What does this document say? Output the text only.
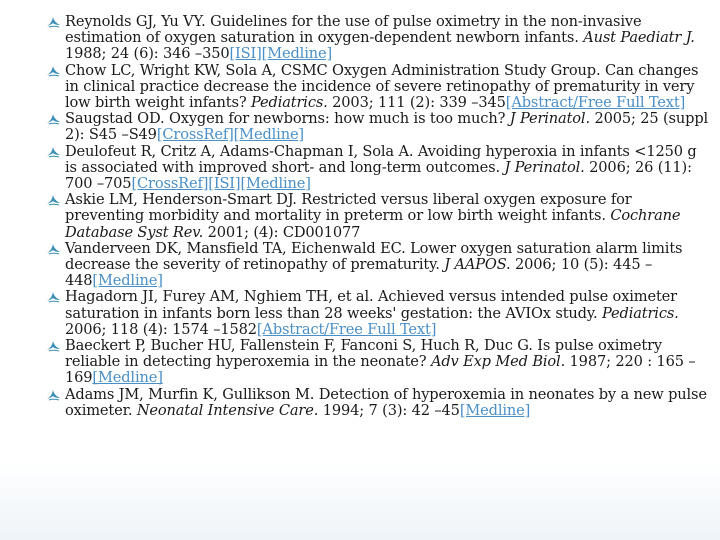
Reynolds GJ, Yu VY. Guidelines for the use of pulse oximetry in the non-invasive estimation of oxygen saturation in oxygen-dependent newborn infants. Aust Paediatr J. 1988; 24 (6): 346 –350[ISI][Medline]
Chow LC, Wright KW, Sola A, CSMC Oxygen Administration Study Group. Can changes in clinical practice decrease the incidence of severe retinopathy of prematurity in very low birth weight infants? Pediatrics. 2003; 111 (2): 339 –345[Abstract/Free Full Text]
Saugstad OD. Oxygen for newborns: how much is too much? J Perinatol. 2005; 25 (suppl 2): S45 –S49[CrossRef][Medline]
Deulofeut R, Critz A, Adams-Chapman I, Sola A. Avoiding hyperoxia in infants <1250 g is associated with improved short- and long-term outcomes. J Perinatol. 2006; 26 (11): 700 –705[CrossRef][ISI][Medline]
Askie LM, Henderson-Smart DJ. Restricted versus liberal oxygen exposure for preventing morbidity and mortality in preterm or low birth weight infants. Cochrane Database Syst Rev. 2001; (4): CD001077
Vanderveen DK, Mansfield TA, Eichenwald EC. Lower oxygen saturation alarm limits decrease the severity of retinopathy of prematurity. J AAPOS. 2006; 10 (5): 445 –448[Medline]
Hagadorn JI, Furey AM, Nghiem TH, et al. Achieved versus intended pulse oximeter saturation in infants born less than 28 weeks' gestation: the AVIOx study. Pediatrics. 2006; 118 (4): 1574 –1582[Abstract/Free Full Text]
Baeckert P, Bucher HU, Fallenstein F, Fanconi S, Huch R, Duc G. Is pulse oximetry reliable in detecting hyperoxemia in the neonate? Adv Exp Med Biol. 1987; 220 : 165 –169[Medline]
Adams JM, Murfin K, Gullikson M. Detection of hyperoxemia in neonates by a new pulse oximeter. Neonatal Intensive Care. 1994; 7 (3): 42 –45[Medline]
